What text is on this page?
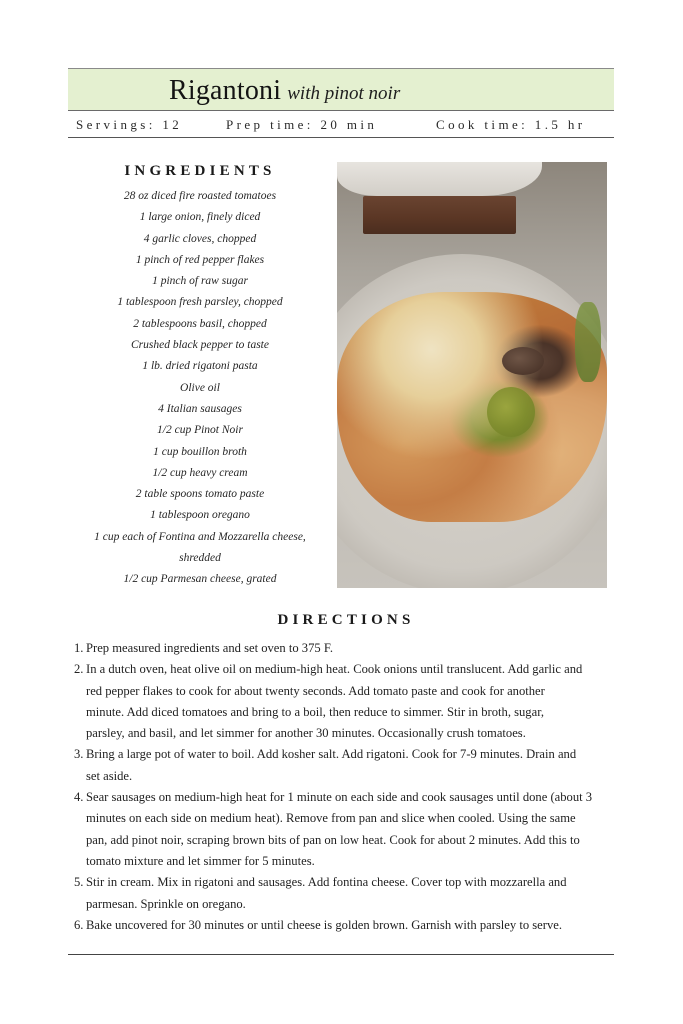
Rigantoni with pinot noir
Servings: 12	Prep time: 20 min	Cook time: 1.5 hr
INGREDIENTS
28 oz diced fire roasted tomatoes
1 large onion, finely diced
4 garlic cloves, chopped
1 pinch of red pepper flakes
1 pinch of raw sugar
1 tablespoon fresh parsley, chopped
2 tablespoons basil, chopped
Crushed black pepper to taste
1 lb. dried rigatoni pasta
Olive oil
4 Italian sausages
1/2 cup Pinot Noir
1 cup bouillon broth
1/2 cup heavy cream
2 table spoons tomato paste
1 tablespoon oregano
1 cup each of Fontina and Mozzarella cheese,
shredded
1/2 cup Parmesan cheese, grated
DIRECTIONS
1. Prep measured ingredients and set oven to 375 F.
2. In a dutch oven, heat olive oil on medium-high heat. Cook onions until translucent. Add garlic and
red pepper flakes to cook for about twenty seconds. Add tomato paste and cook for another
minute. Add diced tomatoes and bring to a boil, then reduce to simmer. Stir in broth, sugar,
parsley, and basil, and let simmer for another 30 minutes. Occasionally crush tomatoes.
3. Bring a large pot of water to boil. Add kosher salt. Add rigatoni. Cook for 7-9 minutes. Drain and
set aside.
4. Sear sausages on medium-high heat for 1 minute on each side and cook sausages until done (about 3
minutes on each side on medium heat). Remove from pan and slice when cooled. Using the same
pan, add pinot noir, scraping brown bits of pan on low heat. Cook for about 2 minutes. Add this to
tomato mixture and let simmer for 5 minutes.
5. Stir in cream. Mix in rigatoni and sausages. Add fontina cheese. Cover top with mozzarella and
parmesan. Sprinkle on oregano.
6. Bake uncovered for 30 minutes or until cheese is golden brown. Garnish with parsley to serve.
